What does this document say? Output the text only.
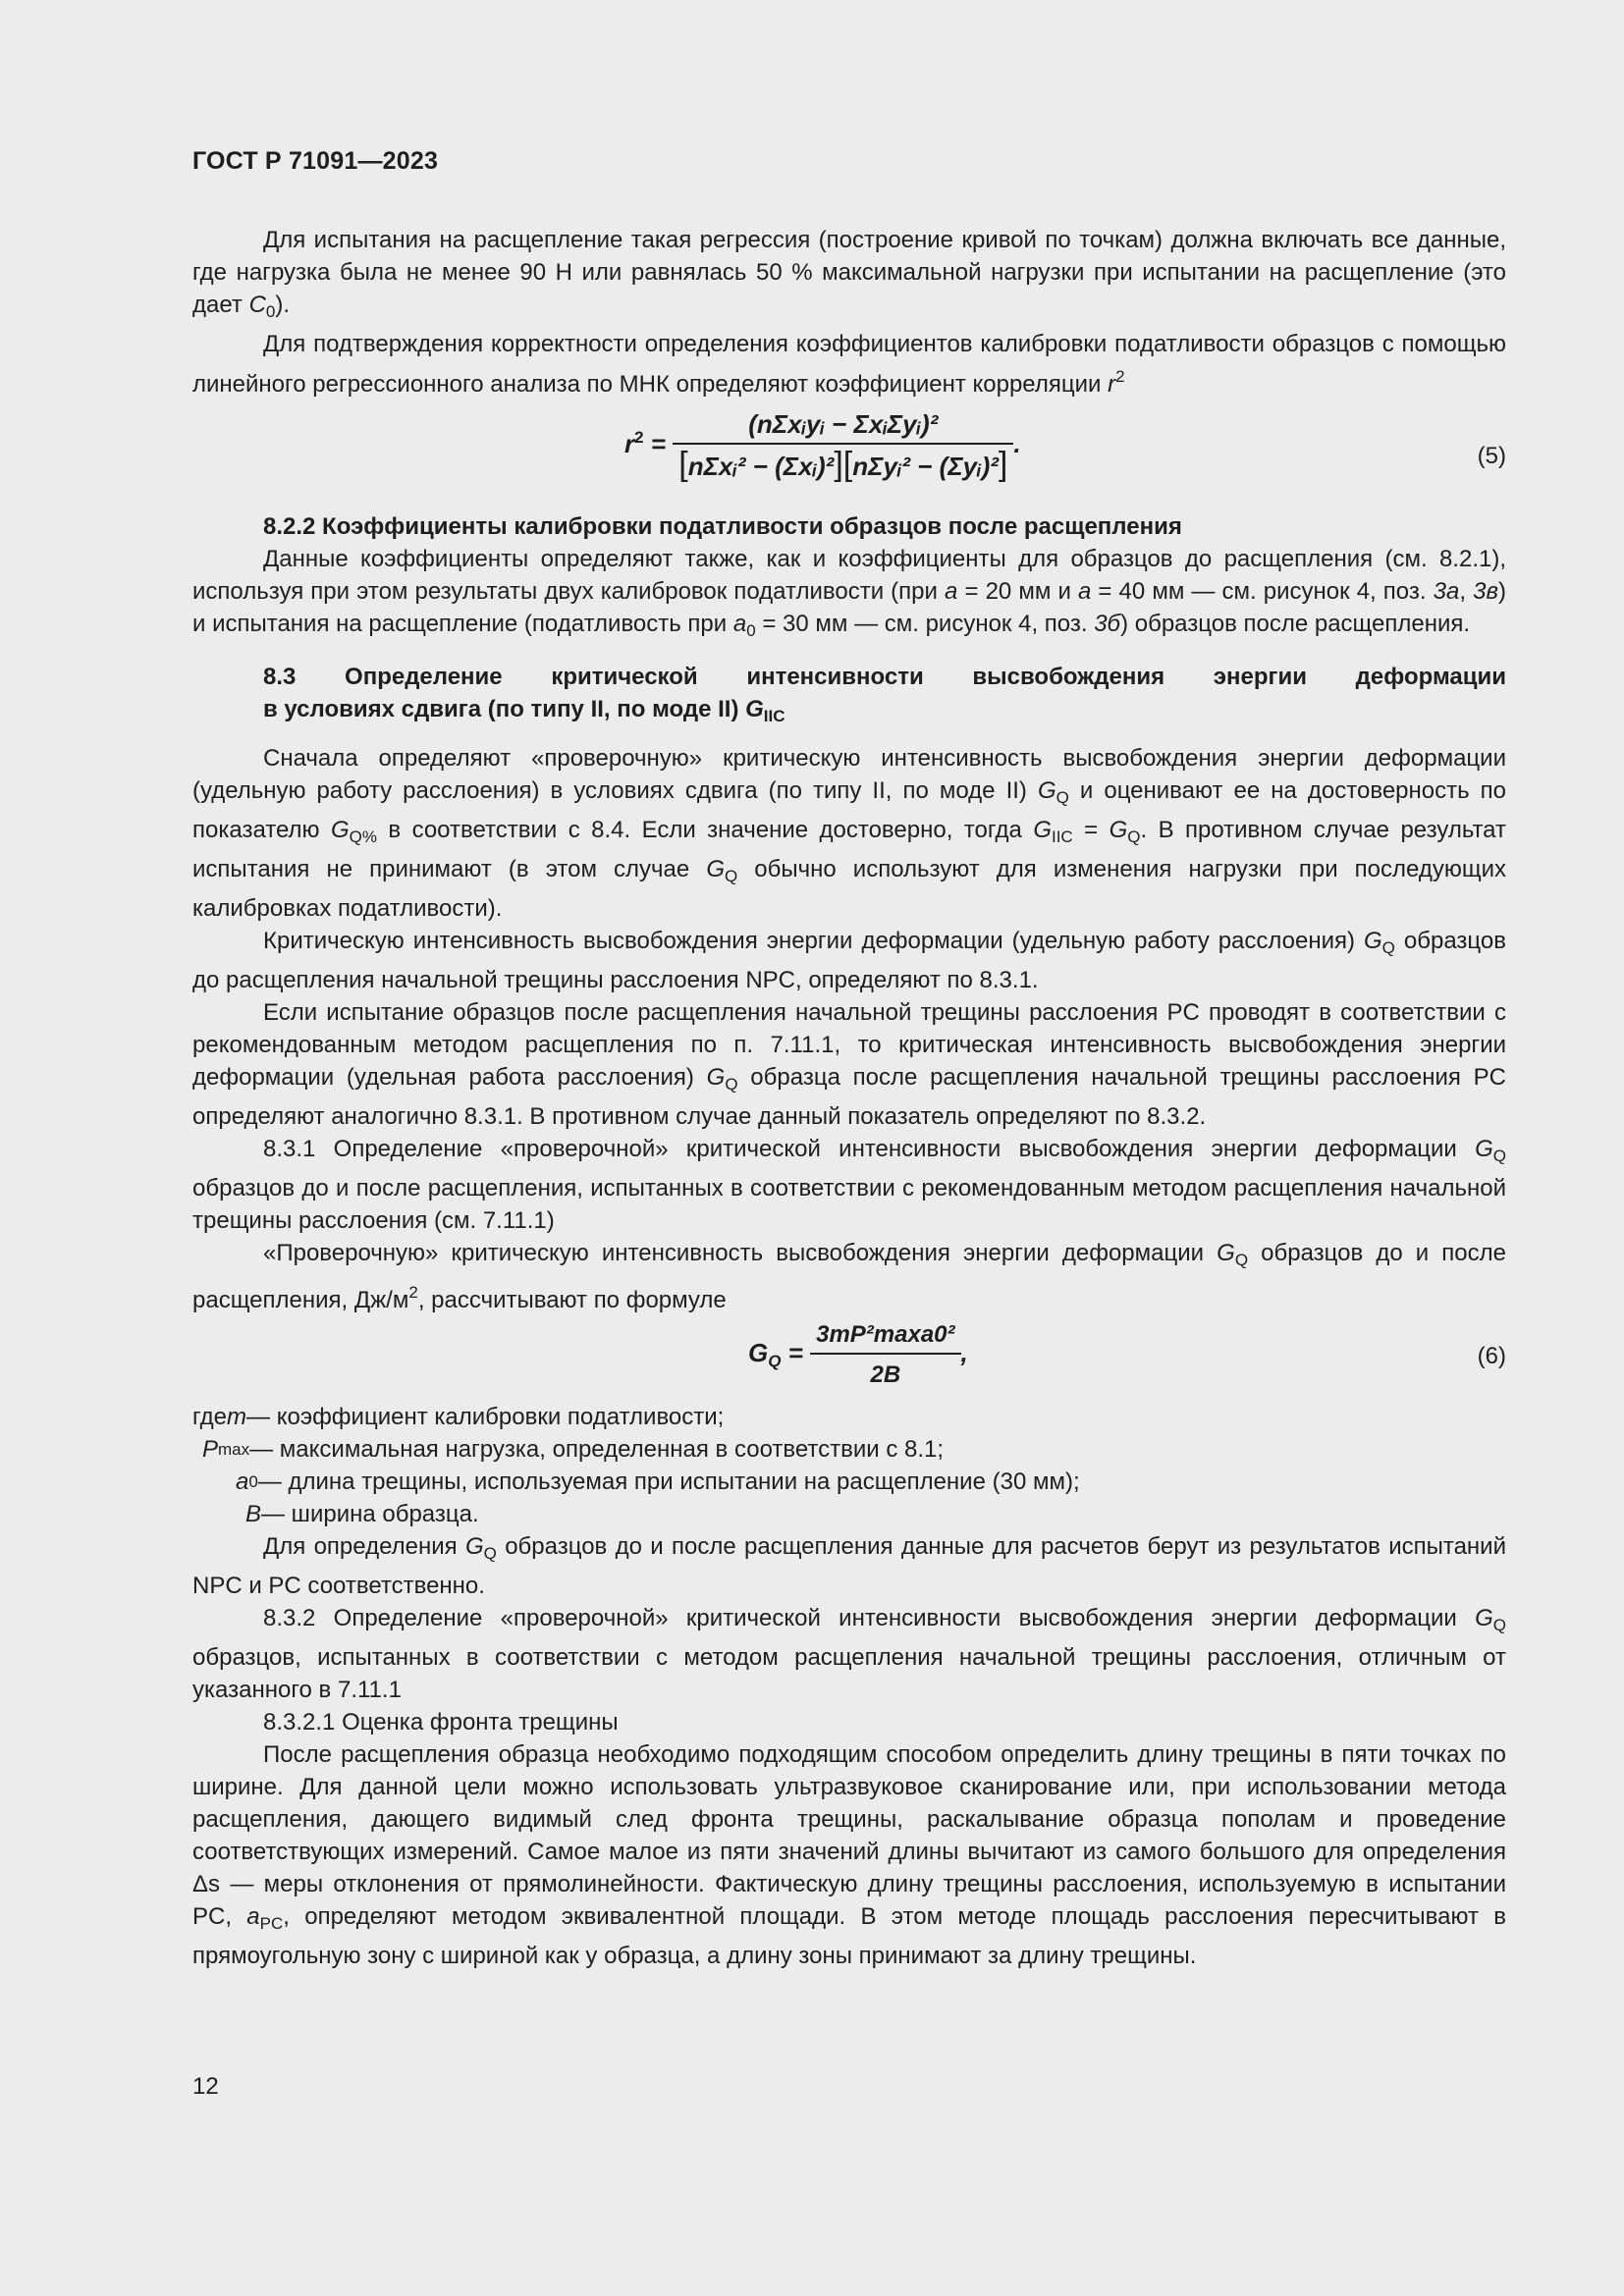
ГОСТ Р 71091—2023

Для испытания на расщепление такая регрессия (построение кривой по точкам) должна включать все данные, где нагрузка была не менее 90 Н или равнялась 50 % максимальной нагрузки при испытании на расщепление (это дает $C_0$).

Для подтверждения корректности определения коэффициентов калибровки податливости образцов с помощью линейного регрессионного анализа по МНК определяют коэффициент корреляции $r^2$

$r^2 = \frac{\text{(nΣxᵢyᵢ − ΣxᵢΣyᵢ)²}}{\text{[nΣxᵢ² − (Σxᵢ)²][nΣyᵢ² − (Σyᵢ)²]}}$ .	(5)
8.2.2 Коэффициенты калибровки податливости образцов после расщепления

Данные коэффициенты определяют также, как и коэффициенты для образцов до расщепления (см. 8.2.1), используя при этом результаты двух калибровок податливости (при a = 20 мм и a = 40 мм — см. рисунок 4, поз. 3а, 3в) и испытания на расщепление (податливость при $a_0 = 30$ мм — см. рисунок 4, поз. 3б) образцов после расщепления.

8.3 Определение критической интенсивности высвобождения энергии деформации
в условиях сдвига (по типу II, по моде II) $G_{IIC}$

Сначала определяют «проверочную» критическую интенсивность высвобождения энергии деформации (удельную работу расслоения) в условиях сдвига (по типу II, по моде II) $G_Q$ и оценивают ее на достоверность по показателю $G_{Q\%}$ в соответствии с 8.4. Если значение достоверно, тогда $G_{IIC} = G_Q$. В противном случае результат испытания не принимают (в этом случае $G_Q$ обычно используют для изменения нагрузки при последующих калибровках податливости).

Критическую интенсивность высвобождения энергии деформации (удельную работу расслоения) $G_Q$ образцов до расщепления начальной трещины расслоения NPC, определяют по 8.3.1.

Если испытание образцов после расщепления начальной трещины расслоения PC проводят в соответствии с рекомендованным методом расщепления по п. 7.11.1, то критическая интенсивность высвобождения энергии деформации (удельная работа расслоения) $G_Q$ образца после расщепления начальной трещины расслоения PC определяют аналогично 8.3.1. В противном случае данный показатель определяют по 8.3.2.

8.3.1 Определение «проверочной» критической интенсивности высвобождения энергии деформации $G_Q$ образцов до и после расщепления, испытанных в соответствии с рекомендованным методом расщепления начальной трещины расслоения (см. 7.11.1)

«Проверочную» критическую интенсивность высвобождения энергии деформации $G_Q$ образцов до и после расщепления, $Дж/м^2$, рассчитывают по формуле

$G_Q = \frac{\text{3mP²maxa0²}}{2B}$ ,	(6)
где m — коэффициент калибровки податливости;
P max — максимальная нагрузка, определенная в соответствии с 8.1;
a 0 — длина трещины, используемая при испытании на расщепление (30 мм);
B — ширина образца.

Для определения $G_Q$ образцов до и после расщепления данные для расчетов берут из результатов испытаний NPC и PC соответственно.

8.3.2 Определение «проверочной» критической интенсивности высвобождения энергии деформации $G_Q$ образцов, испытанных в соответствии с методом расщепления начальной трещины расслоения, отличным от указанного в 7.11.1

8.3.2.1 Оценка фронта трещины

После расщепления образца необходимо подходящим способом определить длину трещины в пяти точках по ширине. Для данной цели можно использовать ультразвуковое сканирование или, при использовании метода расщепления, дающего видимый след фронта трещины, раскалывание образца пополам и проведение соответствующих измерений. Самое малое из пяти значений длины вычитают из самого большого для определения Δs — меры отклонения от прямолинейности. Фактическую длину трещины расслоения, используемую в испытании PC, $a_{PC}$, определяют методом эквивалентной площади. В этом методе площадь расслоения пересчитывают в прямоугольную зону с шириной как у образца, а длину зоны принимают за длину трещины.

12
